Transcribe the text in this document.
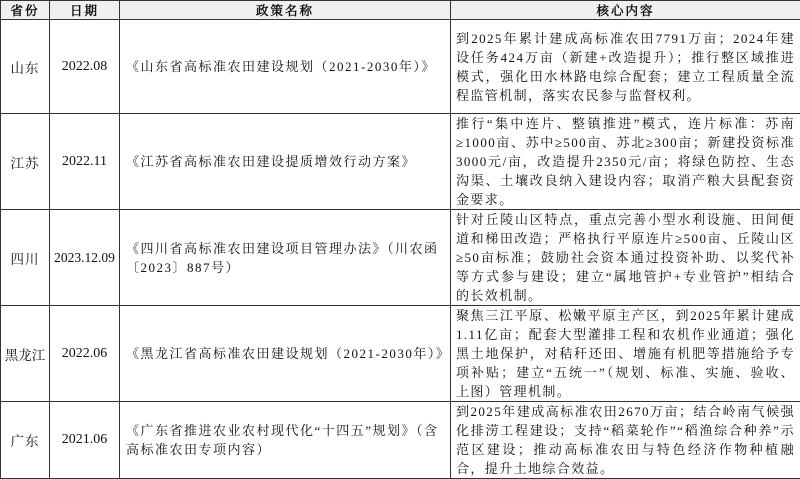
省份	日期	政策名称	核心内容
山东	2022.08	《山东省高标准农田建设规划（2021-2030年）》	到2025年累计建成高标准农田7791万亩；2024年建设任务424万亩（新建+改造提升）；推行整区域推进模式，强化田水林路电综合配套；建立工程质量全流程监管机制，落实农民参与监督权利。
江苏	2022.11	《江苏省高标准农田建设提质增效行动方案》	推行“集中连片、整镇推进”模式，连片标准：苏南≥1000亩、苏中≥500亩、苏北≥300亩；新建投资标准3000元/亩，改造提升2350元/亩；将绿色防控、生态沟渠、土壤改良纳入建设内容；取消产粮大县配套资金要求。
四川	2023.12.09	《四川省高标准农田建设项目管理办法》（川农函〔2023〕887号）	针对丘陵山区特点，重点完善小型水利设施、田间便道和梯田改造；严格执行平原连片≥500亩、丘陵山区≥50亩标准；鼓励社会资本通过投资补助、以奖代补等方式参与建设；建立“属地管护+专业管护”相结合的长效机制。
黑龙江	2022.06	《黑龙江省高标准农田建设规划（2021-2030年）》	聚焦三江平原、松嫩平原主产区，到2025年累计建成1.11亿亩；配套大型灌排工程和农机作业通道；强化黑土地保护，对秸秆还田、增施有机肥等措施给予专项补贴；建立“五统一”（规划、标准、实施、验收、上图）管理机制。
广东	2021.06	《广东省推进农业农村现代化“十四五”规划》（含高标准农田专项内容）	到2025年建成高标准农田2670万亩；结合岭南气候强化排涝工程建设；支持“稻菜轮作”“稻渔综合种养”示范区建设；推动高标准农田与特色经济作物种植融合，提升土地综合效益。
